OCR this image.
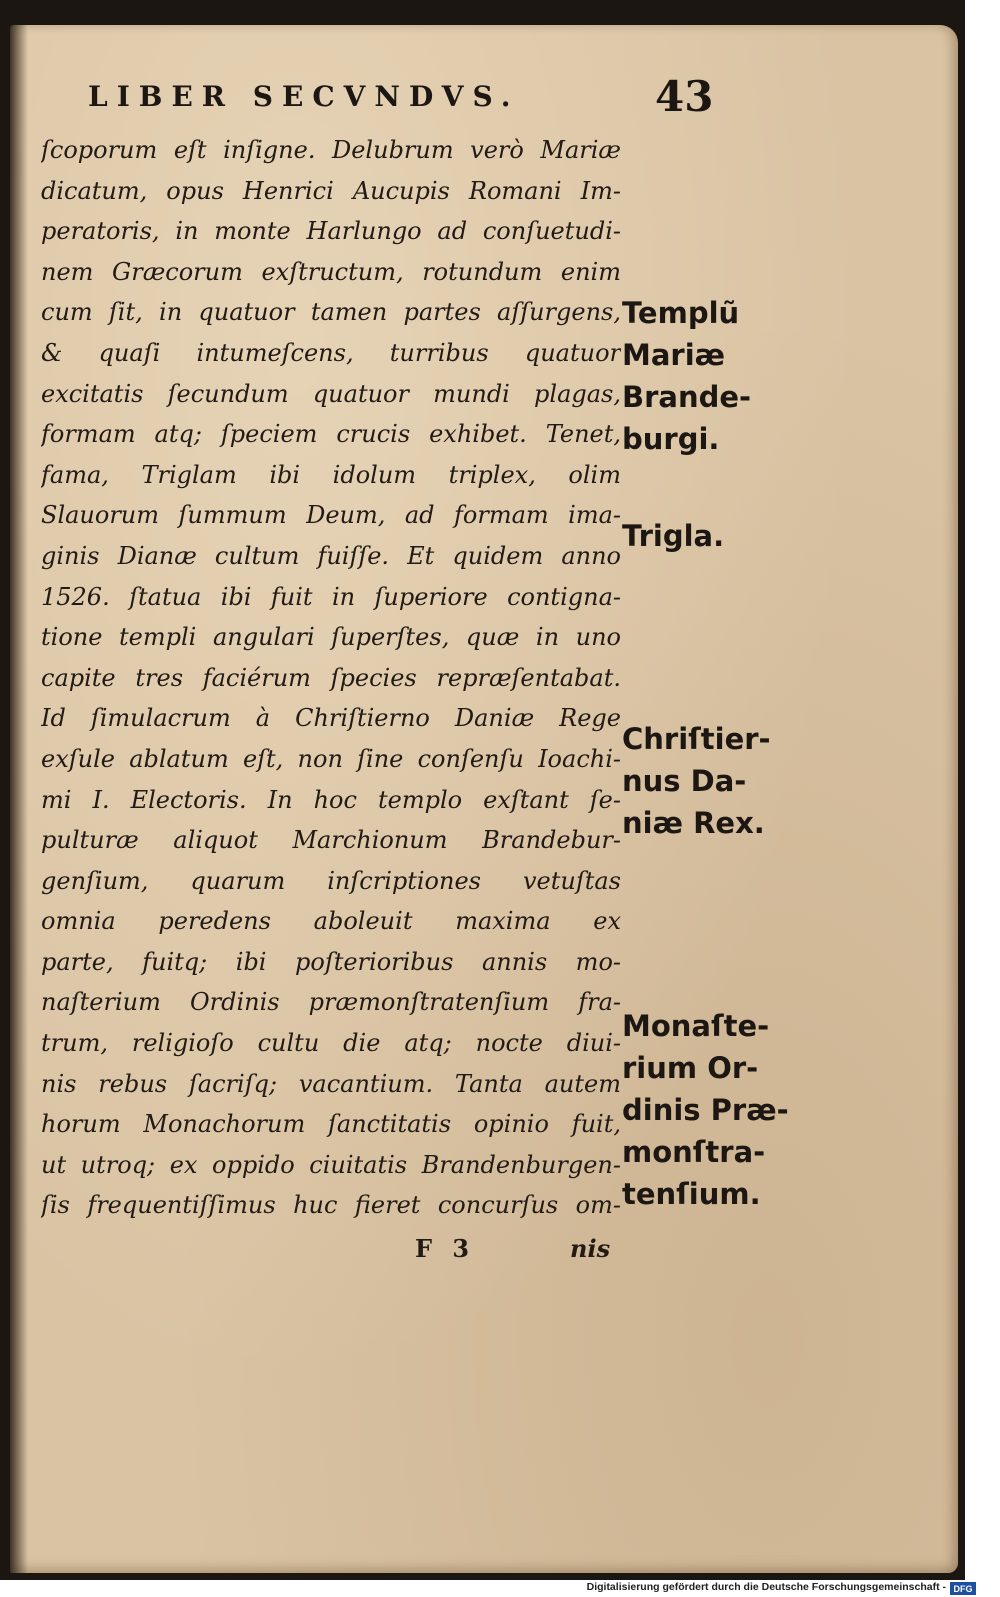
LIBER SECVNDVS.	43
ſcoporum eſt inſigne. Delubrum verò Mariæ
dicatum, opus Henrici Aucupis Romani Im-
peratoris, in monte Harlungo ad conſuetudi-
nem Græcorum exſtructum, rotundum enim
cum ſit, in quatuor tamen partes aſſurgens,
& quaſi intumeſcens, turribus quatuor
excitatis ſecundum quatuor mundi plagas,
formam atq; ſpeciem crucis exhibet. Tenet,
fama, Triglam ibi idolum triplex, olim
Slauorum ſummum Deum, ad formam ima-
ginis Dianæ cultum fuiſſe. Et quidem anno
1526. ſtatua ibi fuit in ſuperiore contigna-
tione templi angulari ſuperſtes, quæ in uno
capite tres faciérum ſpecies repræſentabat.
Id ſimulacrum à Chriſtierno Daniæ Rege
exſule ablatum eſt, non ſine conſenſu Ioachi-
mi I. Electoris. In hoc templo exſtant ſe-
pulturæ aliquot Marchionum Brandebur-
genſium, quarum inſcriptiones vetuſtas
omnia peredens aboleuit maxima ex
parte, fuitq; ibi poſterioribus annis mo-
naſterium Ordinis præmonſtratenſium fra-
trum, religioſo cultu die atq; nocte diui-
nis rebus ſacriſq; vacantium. Tanta autem
horum Monachorum ſanctitatis opinio fuit,
ut utroq; ex oppido ciuitatis Brandenburgen-
ſis frequentiſſimus huc fieret concurſus om-
Templũ
Mariæ
Brande-
burgi.
Trigla.
Chriſtier-
nus Da-
niæ Rex.
Monaſte-
rium Or-
dinis Præ-
monſtra-
tenſium.
F 3	nis
Digitalisierung gefördert durch die Deutsche Forschungsgemeinschaft - DFG
